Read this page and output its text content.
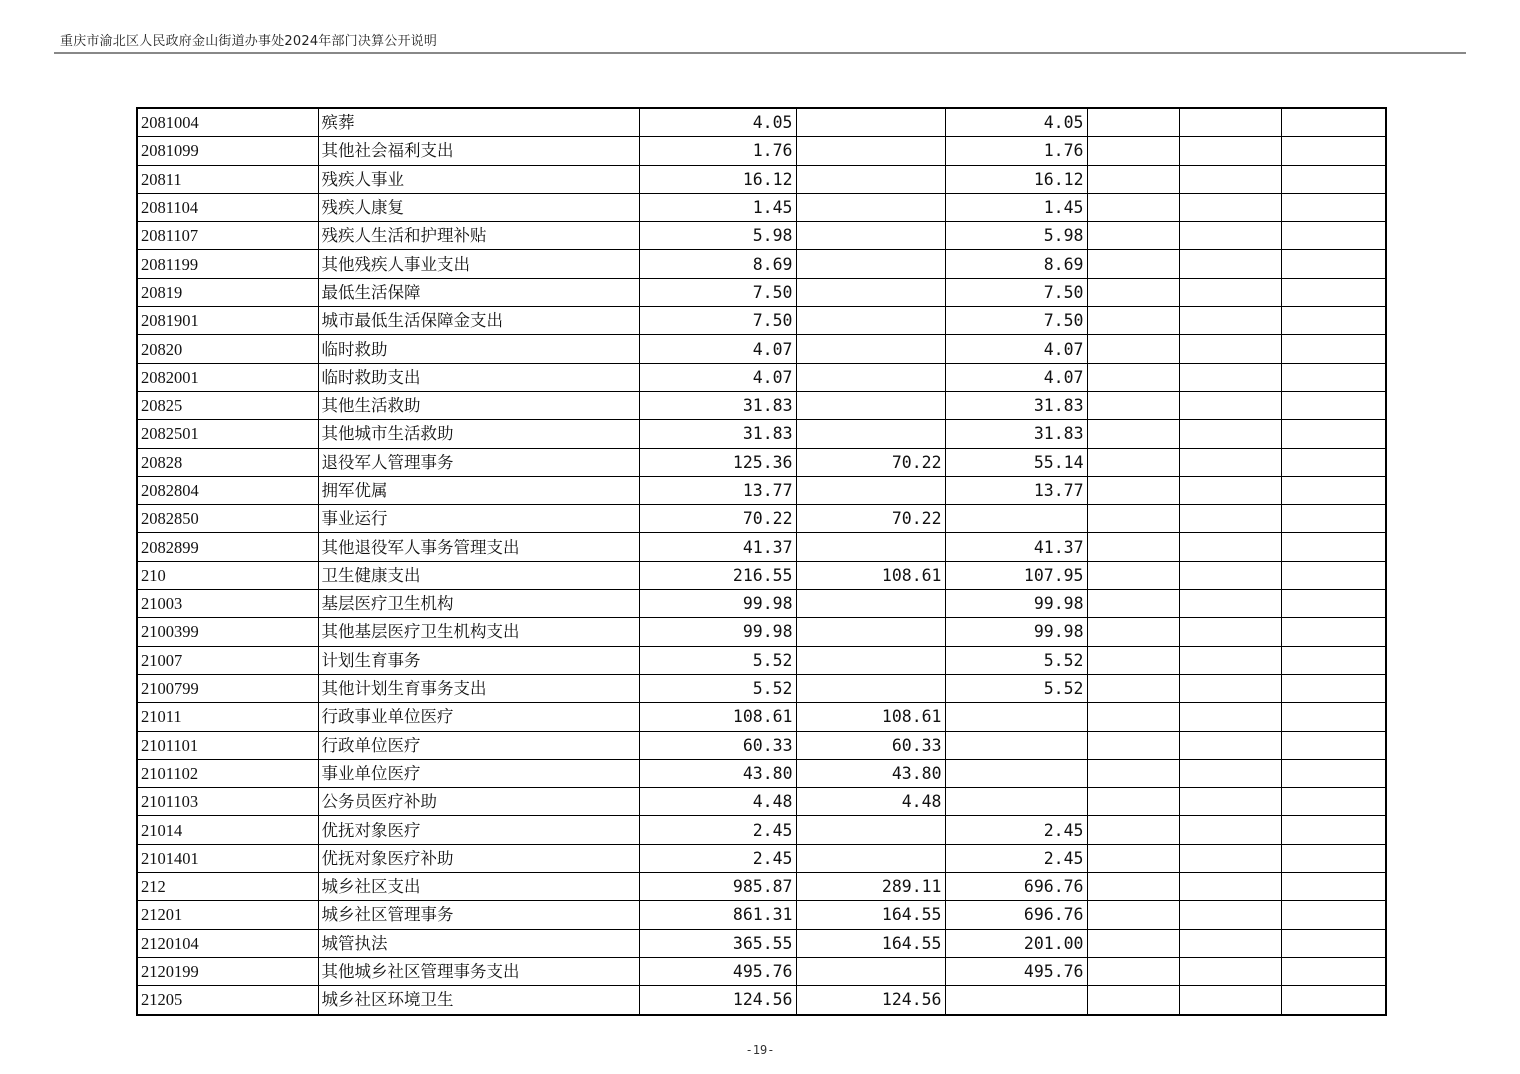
重庆市渝北区人民政府金山街道办事处2024年部门决算公开说明
2081004	殡葬	4.05		4.05			
2081099	其他社会福利支出	1.76		1.76			
20811	残疾人事业	16.12		16.12			
2081104	残疾人康复	1.45		1.45			
2081107	残疾人生活和护理补贴	5.98		5.98			
2081199	其他残疾人事业支出	8.69		8.69			
20819	最低生活保障	7.50		7.50			
2081901	城市最低生活保障金支出	7.50		7.50			
20820	临时救助	4.07		4.07			
2082001	临时救助支出	4.07		4.07			
20825	其他生活救助	31.83		31.83			
2082501	其他城市生活救助	31.83		31.83			
20828	退役军人管理事务	125.36	70.22	55.14			
2082804	拥军优属	13.77		13.77			
2082850	事业运行	70.22	70.22				
2082899	其他退役军人事务管理支出	41.37		41.37			
210	卫生健康支出	216.55	108.61	107.95			
21003	基层医疗卫生机构	99.98		99.98			
2100399	其他基层医疗卫生机构支出	99.98		99.98			
21007	计划生育事务	5.52		5.52			
2100799	其他计划生育事务支出	5.52		5.52			
21011	行政事业单位医疗	108.61	108.61				
2101101	行政单位医疗	60.33	60.33				
2101102	事业单位医疗	43.80	43.80				
2101103	公务员医疗补助	4.48	4.48				
21014	优抚对象医疗	2.45		2.45			
2101401	优抚对象医疗补助	2.45		2.45			
212	城乡社区支出	985.87	289.11	696.76			
21201	城乡社区管理事务	861.31	164.55	696.76			
2120104	城管执法	365.55	164.55	201.00			
2120199	其他城乡社区管理事务支出	495.76		495.76			
21205	城乡社区环境卫生	124.56	124.56				
-19-
